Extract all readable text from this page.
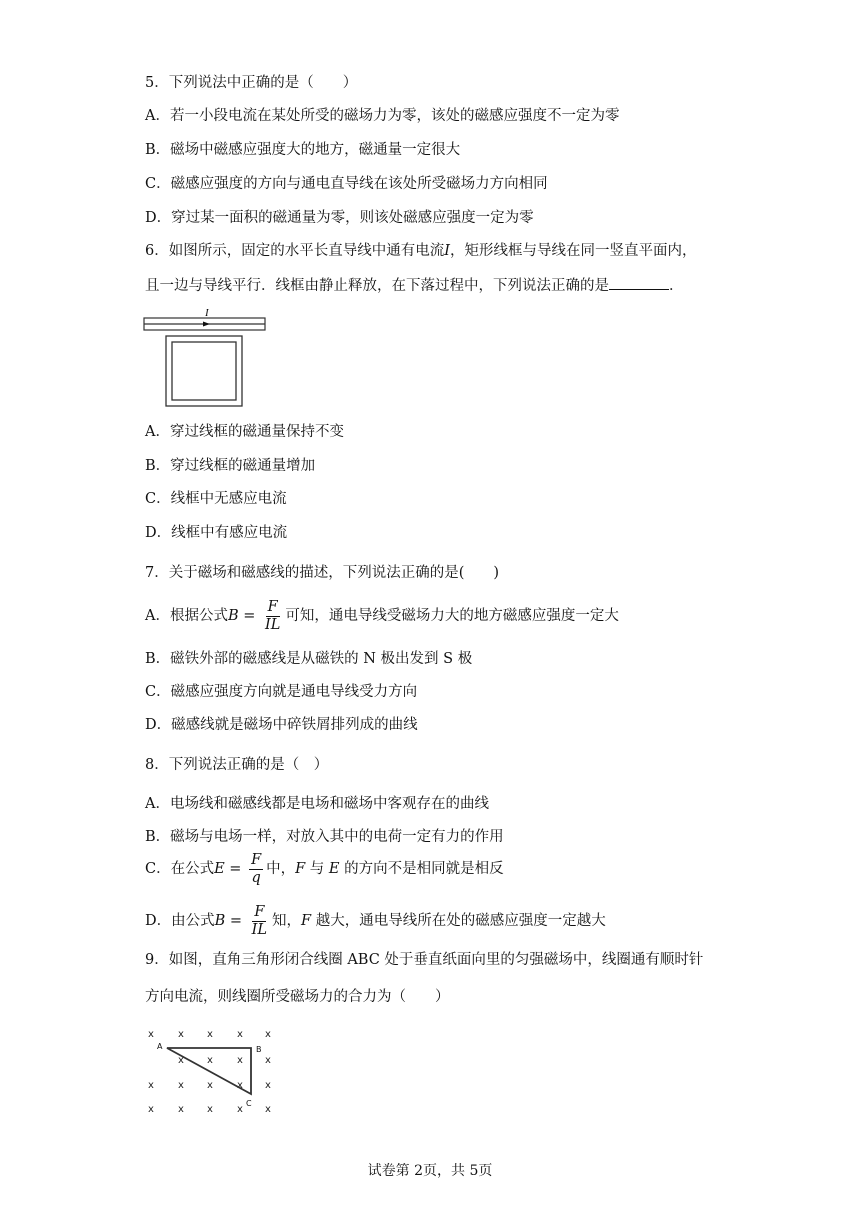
5．下列说法中正确的是（　　）
A．若一小段电流在某处所受的磁场力为零，该处的磁感应强度不一定为零
B．磁场中磁感应强度大的地方，磁通量一定很大
C．磁感应强度的方向与通电直导线在该处所受磁场力方向相同
D．穿过某一面积的磁通量为零，则该处磁感应强度一定为零
6．如图所示，固定的水平长直导线中通有电流I，矩形线框与导线在同一竖直平面内，
且一边与导线平行．线框由静止释放，在下落过程中，下列说法正确的是	．
I
A．穿过线框的磁通量保持不变
B．穿过线框的磁通量增加
C．线框中无感应电流
D．线框中有感应电流
7．关于磁场和磁感线的描述，下列说法正确的是(　　)
A．根据公式$B = \frac{F}{IL}$ 可知，通电导线受磁场力大的地方磁感应强度一定大
B．磁铁外部的磁感线是从磁铁的 N 极出发到 S 极
C．磁感应强度方向就是通电导线受力方向
D．磁感线就是磁场中碎铁屑排列成的曲线
8．下列说法正确的是（　）
A．电场线和磁感线都是电场和磁场中客观存在的曲线
B．磁场与电场一样，对放入其中的电荷一定有力的作用
C．在公式$E = \frac{F}{q}$ 中，F 与 E 的方向不是相同就是相反
D．由公式$B = \frac{F}{IL}$ 知，F 越大，通电导线所在处的磁感应强度一定越大
9．如图，直角三角形闭合线圈 ABC 处于垂直纸面向里的匀强磁场中，线圈通有顺时针
方向电流，则线圈所受磁场力的合力为（　　）
x x x x x
x x x x
x x x x x
x x x x x
A	B
C
试卷第 2页，共 5页
